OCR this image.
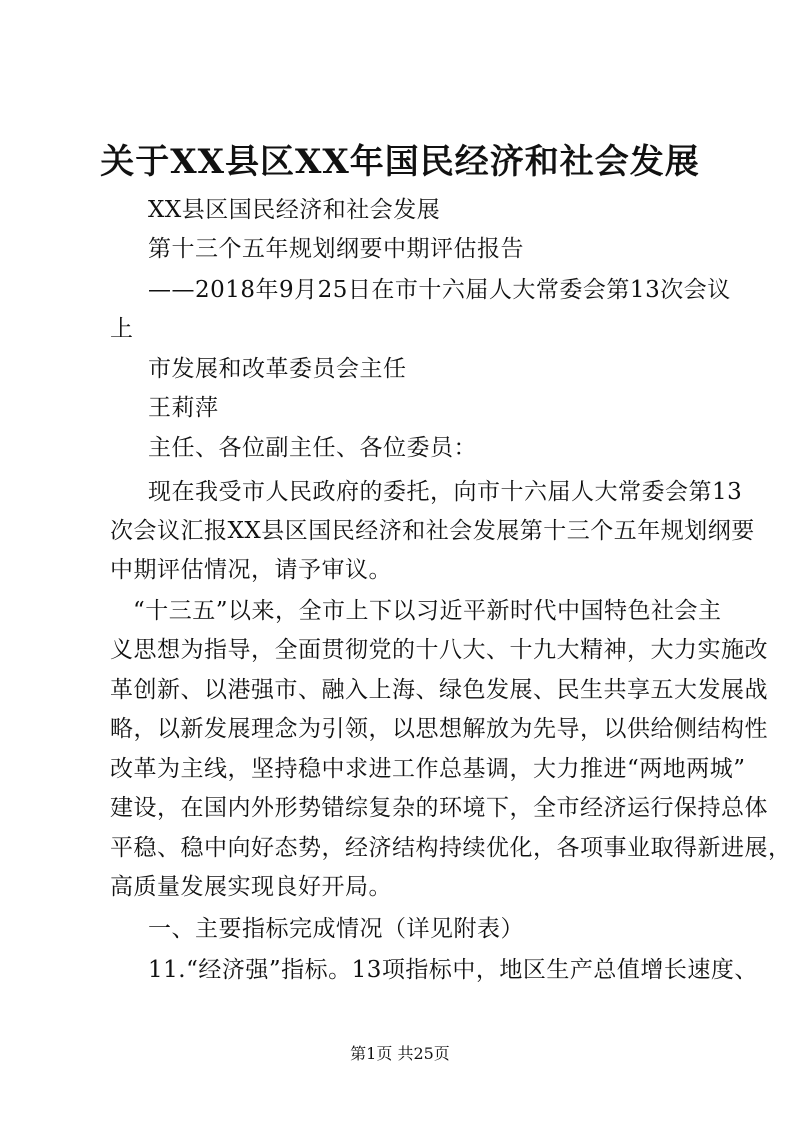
关于XX县区XX年国民经济和社会发展
XX县区国民经济和社会发展
第十三个五年规划纲要中期评估报告
——2018年9月25日在市十六届人大常委会第13次会议
上
市发展和改革委员会主任
王莉萍
主任、各位副主任、各位委员：
现在我受市人民政府的委托，向市十六届人大常委会第13
次会议汇报XX县区国民经济和社会发展第十三个五年规划纲要
中期评估情况，请予审议。
“十三五”以来，全市上下以习近平新时代中国特色社会主
义思想为指导，全面贯彻党的十八大、十九大精神，大力实施改
革创新、以港强市、融入上海、绿色发展、民生共享五大发展战
略，以新发展理念为引领，以思想解放为先导，以供给侧结构性
改革为主线，坚持稳中求进工作总基调，大力推进“两地两城”
建设，在国内外形势错综复杂的环境下，全市经济运行保持总体
平稳、稳中向好态势，经济结构持续优化，各项事业取得新进展，
高质量发展实现良好开局。
一、主要指标完成情况（详见附表）
11.“经济强”指标。13项指标中，地区生产总值增长速度、
第1页 共25页
